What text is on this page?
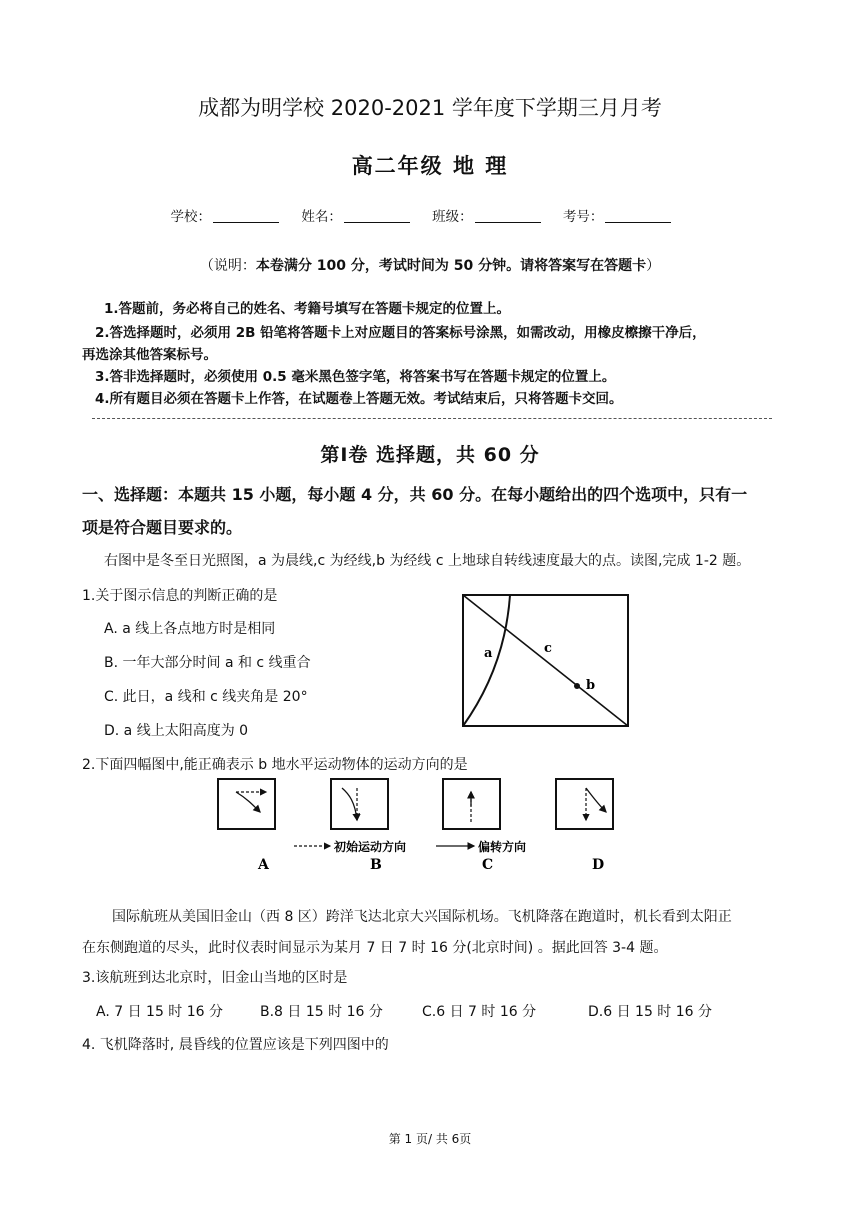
成都为明学校 2020-2021 学年度下学期三月月考
高二年级 地 理
学校：	姓名：	班级：	考号：
（说明：本卷满分 100 分，考试时间为 50 分钟。请将答案写在答题卡）
1.答题前，务必将自己的姓名、考籍号填写在答题卡规定的位置上。
2.答选择题时，必须用 2B 铅笔将答题卡上对应题目的答案标号涂黑，如需改动，用橡皮檫擦干净后，
再选涂其他答案标号。
3.答非选择题时，必须使用 0.5 毫米黑色签字笔，将答案书写在答题卡规定的位置上。
4.所有题目必须在答题卡上作答，在试题卷上答题无效。考试结束后，只将答题卡交回。
第Ⅰ卷 选择题，共 60 分
一、选择题：本题共 15 小题，每小题 4 分，共 60 分。在每小题给出的四个选项中，只有一
项是符合题目要求的。
右图中是冬至日光照图，a 为晨线,c 为经线,b 为经线 c 上地球自转线速度最大的点。读图,完成 1-2 题。
1.关于图示信息的判断正确的是
A. a 线上各点地方时是相同
B. 一年大部分时间 a 和 c 线重合
C. 此日，a 线和 c 线夹角是 20°
D. a 线上太阳高度为 0
a	c
b
2.下面四幅图中,能正确表示 b 地水平运动物体的运动方向的是
初始运动方向	偏转方向
A	B	C	D
国际航班从美国旧金山（西 8 区）跨洋飞达北京大兴国际机场。飞机降落在跑道时，机长看到太阳正
在东侧跑道的尽头，此时仪表时间显示为某月 7 日 7 时 16 分(北京时间) 。据此回答 3-4 题。
3.该航班到达北京时，旧金山当地的区时是
A. 7 日 15 时 16 分	B.8 日 15 时 16 分	C.6 日 7 时 16 分	D.6 日 15 时 16 分
4. 飞机降落时, 晨昏线的位置应该是下列四图中的
第 1 页/ 共 6页
